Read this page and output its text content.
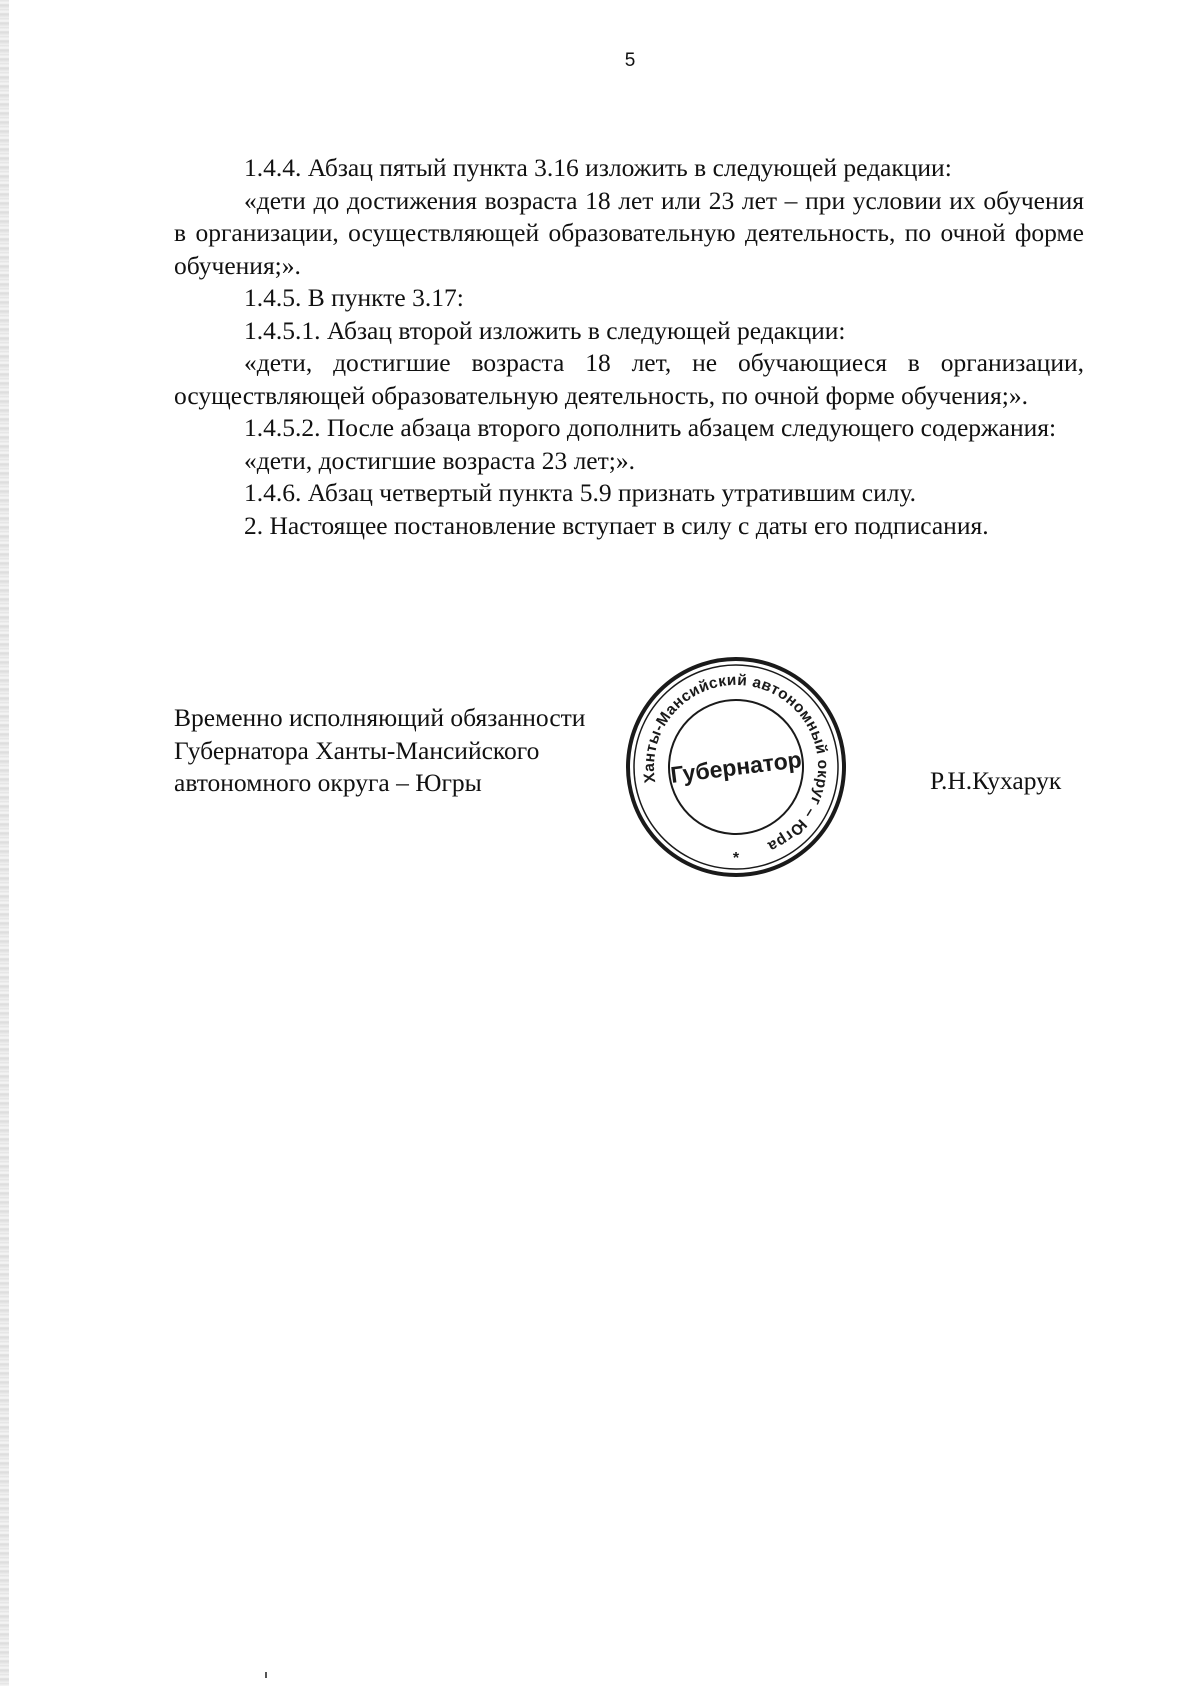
5

1.4.4. Абзац пятый пункта 3.16 изложить в следующей редакции:

«дети до достижения возраста 18 лет или 23 лет – при условии их обучения в организации, осуществляющей образовательную деятельность, по очной форме обучения;».

1.4.5. В пункте 3.17:

1.4.5.1. Абзац второй изложить в следующей редакции:

«дети, достигшие возраста 18 лет, не обучающиеся в организации, осуществляющей образовательную деятельность, по очной форме обучения;».

1.4.5.2. После абзаца второго дополнить абзацем следующего содержания:

«дети, достигшие возраста 23 лет;».

1.4.6. Абзац четвертый пункта 5.9 признать утратившим силу.

2. Настоящее постановление вступает в силу с даты его подписания.

Временно исполняющий обязанности
Губернатора Ханты-Мансийского
автономного округа – Югры	Ханты-Мансийский автономный округ – Югра
Губернатор
*
Р.Н.Кухарук
